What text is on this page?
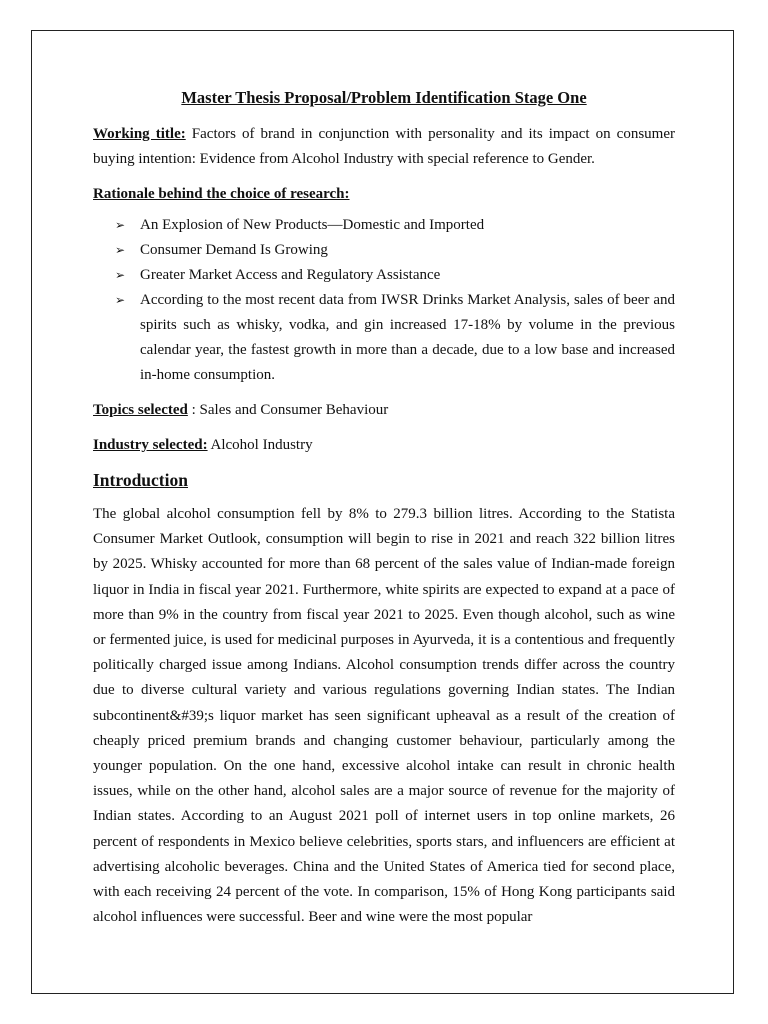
Master Thesis Proposal/Problem Identification Stage One

Working title: Factors of brand in conjunction with personality and its impact on consumer buying intention: Evidence from Alcohol Industry with special reference to Gender.

Rationale behind the choice of research:

➢ An Explosion of New Products—Domestic and Imported
➢ Consumer Demand Is Growing
➢ Greater Market Access and Regulatory Assistance
➢ According to the most recent data from IWSR Drinks Market Analysis, sales of beer and spirits such as whisky, vodka, and gin increased 17-18% by volume in the previous calendar year, the fastest growth in more than a decade, due to a low base and increased in-home consumption.

Topics selected : Sales and Consumer Behaviour

Industry selected: Alcohol Industry

Introduction

The global alcohol consumption fell by 8% to 279.3 billion litres. According to the Statista Consumer Market Outlook, consumption will begin to rise in 2021 and reach 322 billion litres by 2025. Whisky accounted for more than 68 percent of the sales value of Indian-made foreign liquor in India in fiscal year 2021. Furthermore, white spirits are expected to expand at a pace of more than 9% in the country from fiscal year 2021 to 2025. Even though alcohol, such as wine or fermented juice, is used for medicinal purposes in Ayurveda, it is a contentious and frequently politically charged issue among Indians. Alcohol consumption trends differ across the country due to diverse cultural variety and various regulations governing Indian states. The Indian subcontinent&#39;s liquor market has seen significant upheaval as a result of the creation of cheaply priced premium brands and changing customer behaviour, particularly among the younger population. On the one hand, excessive alcohol intake can result in chronic health issues, while on the other hand, alcohol sales are a major source of revenue for the majority of Indian states. According to an August 2021 poll of internet users in top online markets, 26 percent of respondents in Mexico believe celebrities, sports stars, and influencers are efficient at advertising alcoholic beverages. China and the United States of America tied for second place, with each receiving 24 percent of the vote. In comparison, 15% of Hong Kong participants said alcohol influences were successful. Beer and wine were the most popular
